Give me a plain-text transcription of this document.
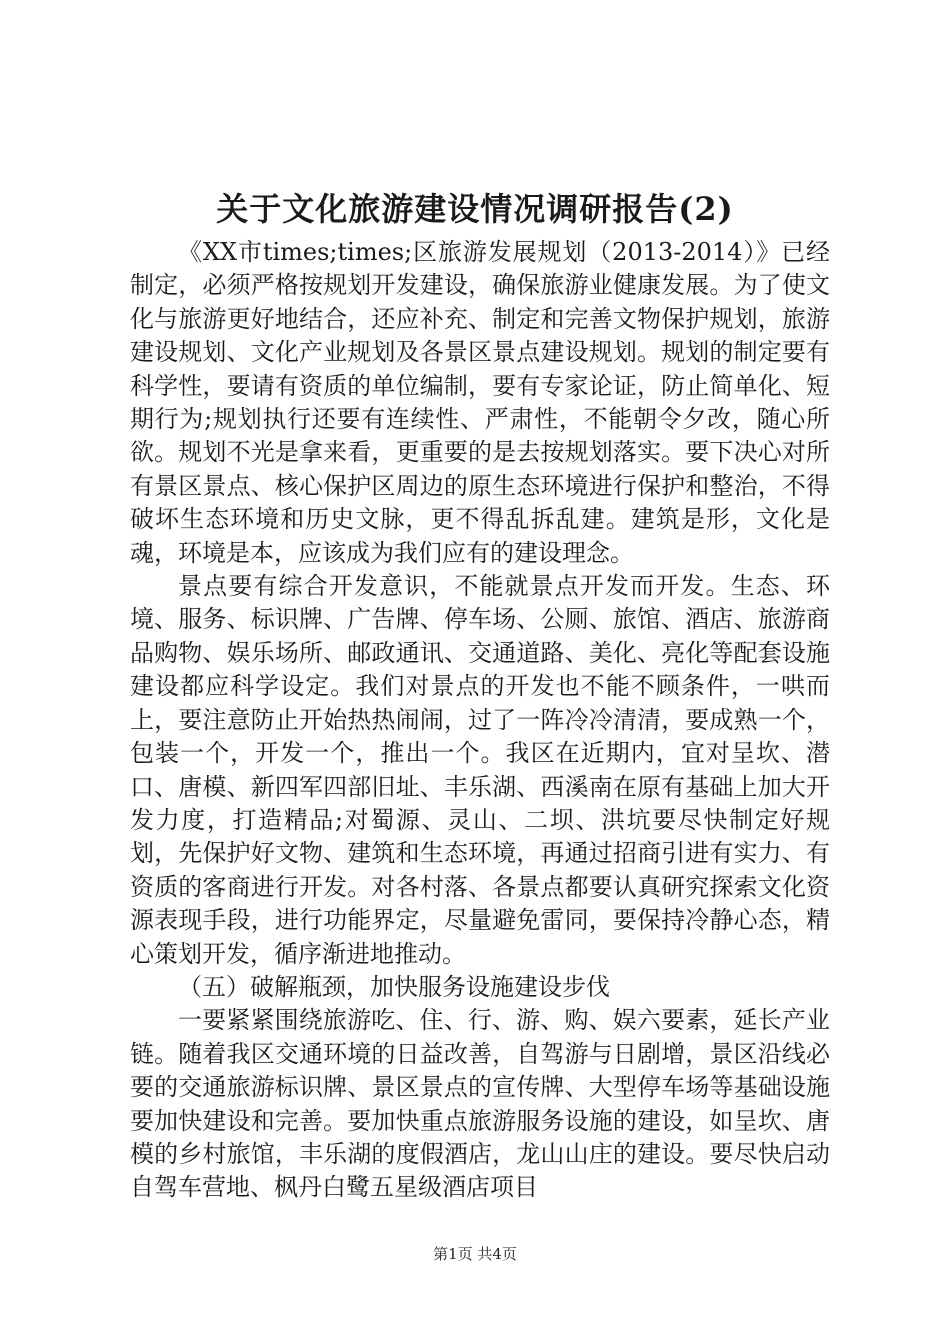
关于文化旅游建设情况调研报告(2)

《XX市times;times;区旅游发展规划（2013-2014）》已经制定，必须严格按规划开发建设，确保旅游业健康发展。为了使文化与旅游更好地结合，还应补充、制定和完善文物保护规划，旅游建设规划、文化产业规划及各景区景点建设规划。规划的制定要有科学性，要请有资质的单位编制，要有专家论证，防止简单化、短期行为;规划执行还要有连续性、严肃性，不能朝令夕改，随心所欲。规划不光是拿来看，更重要的是去按规划落实。要下决心对所有景区景点、核心保护区周边的原生态环境进行保护和整治，不得破坏生态环境和历史文脉，更不得乱拆乱建。建筑是形，文化是魂，环境是本，应该成为我们应有的建设理念。

景点要有综合开发意识，不能就景点开发而开发。生态、环境、服务、标识牌、广告牌、停车场、公厕、旅馆、酒店、旅游商品购物、娱乐场所、邮政通讯、交通道路、美化、亮化等配套设施建设都应科学设定。我们对景点的开发也不能不顾条件，一哄而上，要注意防止开始热热闹闹，过了一阵冷冷清清，要成熟一个，包装一个，开发一个，推出一个。我区在近期内，宜对呈坎、潜口、唐模、新四军四部旧址、丰乐湖、西溪南在原有基础上加大开发力度，打造精品;对蜀源、灵山、二坝、洪坑要尽快制定好规划，先保护好文物、建筑和生态环境，再通过招商引进有实力、有资质的客商进行开发。对各村落、各景点都要认真研究探索文化资源表现手段，进行功能界定，尽量避免雷同，要保持冷静心态，精心策划开发，循序渐进地推动。

（五）破解瓶颈，加快服务设施建设步伐

一要紧紧围绕旅游吃、住、行、游、购、娱六要素，延长产业链。随着我区交通环境的日益改善，自驾游与日剧增，景区沿线必要的交通旅游标识牌、景区景点的宣传牌、大型停车场等基础设施要加快建设和完善。要加快重点旅游服务设施的建设，如呈坎、唐模的乡村旅馆，丰乐湖的度假酒店，龙山山庄的建设。要尽快启动自驾车营地、枫丹白鹭五星级酒店项目

第1页 共4页
